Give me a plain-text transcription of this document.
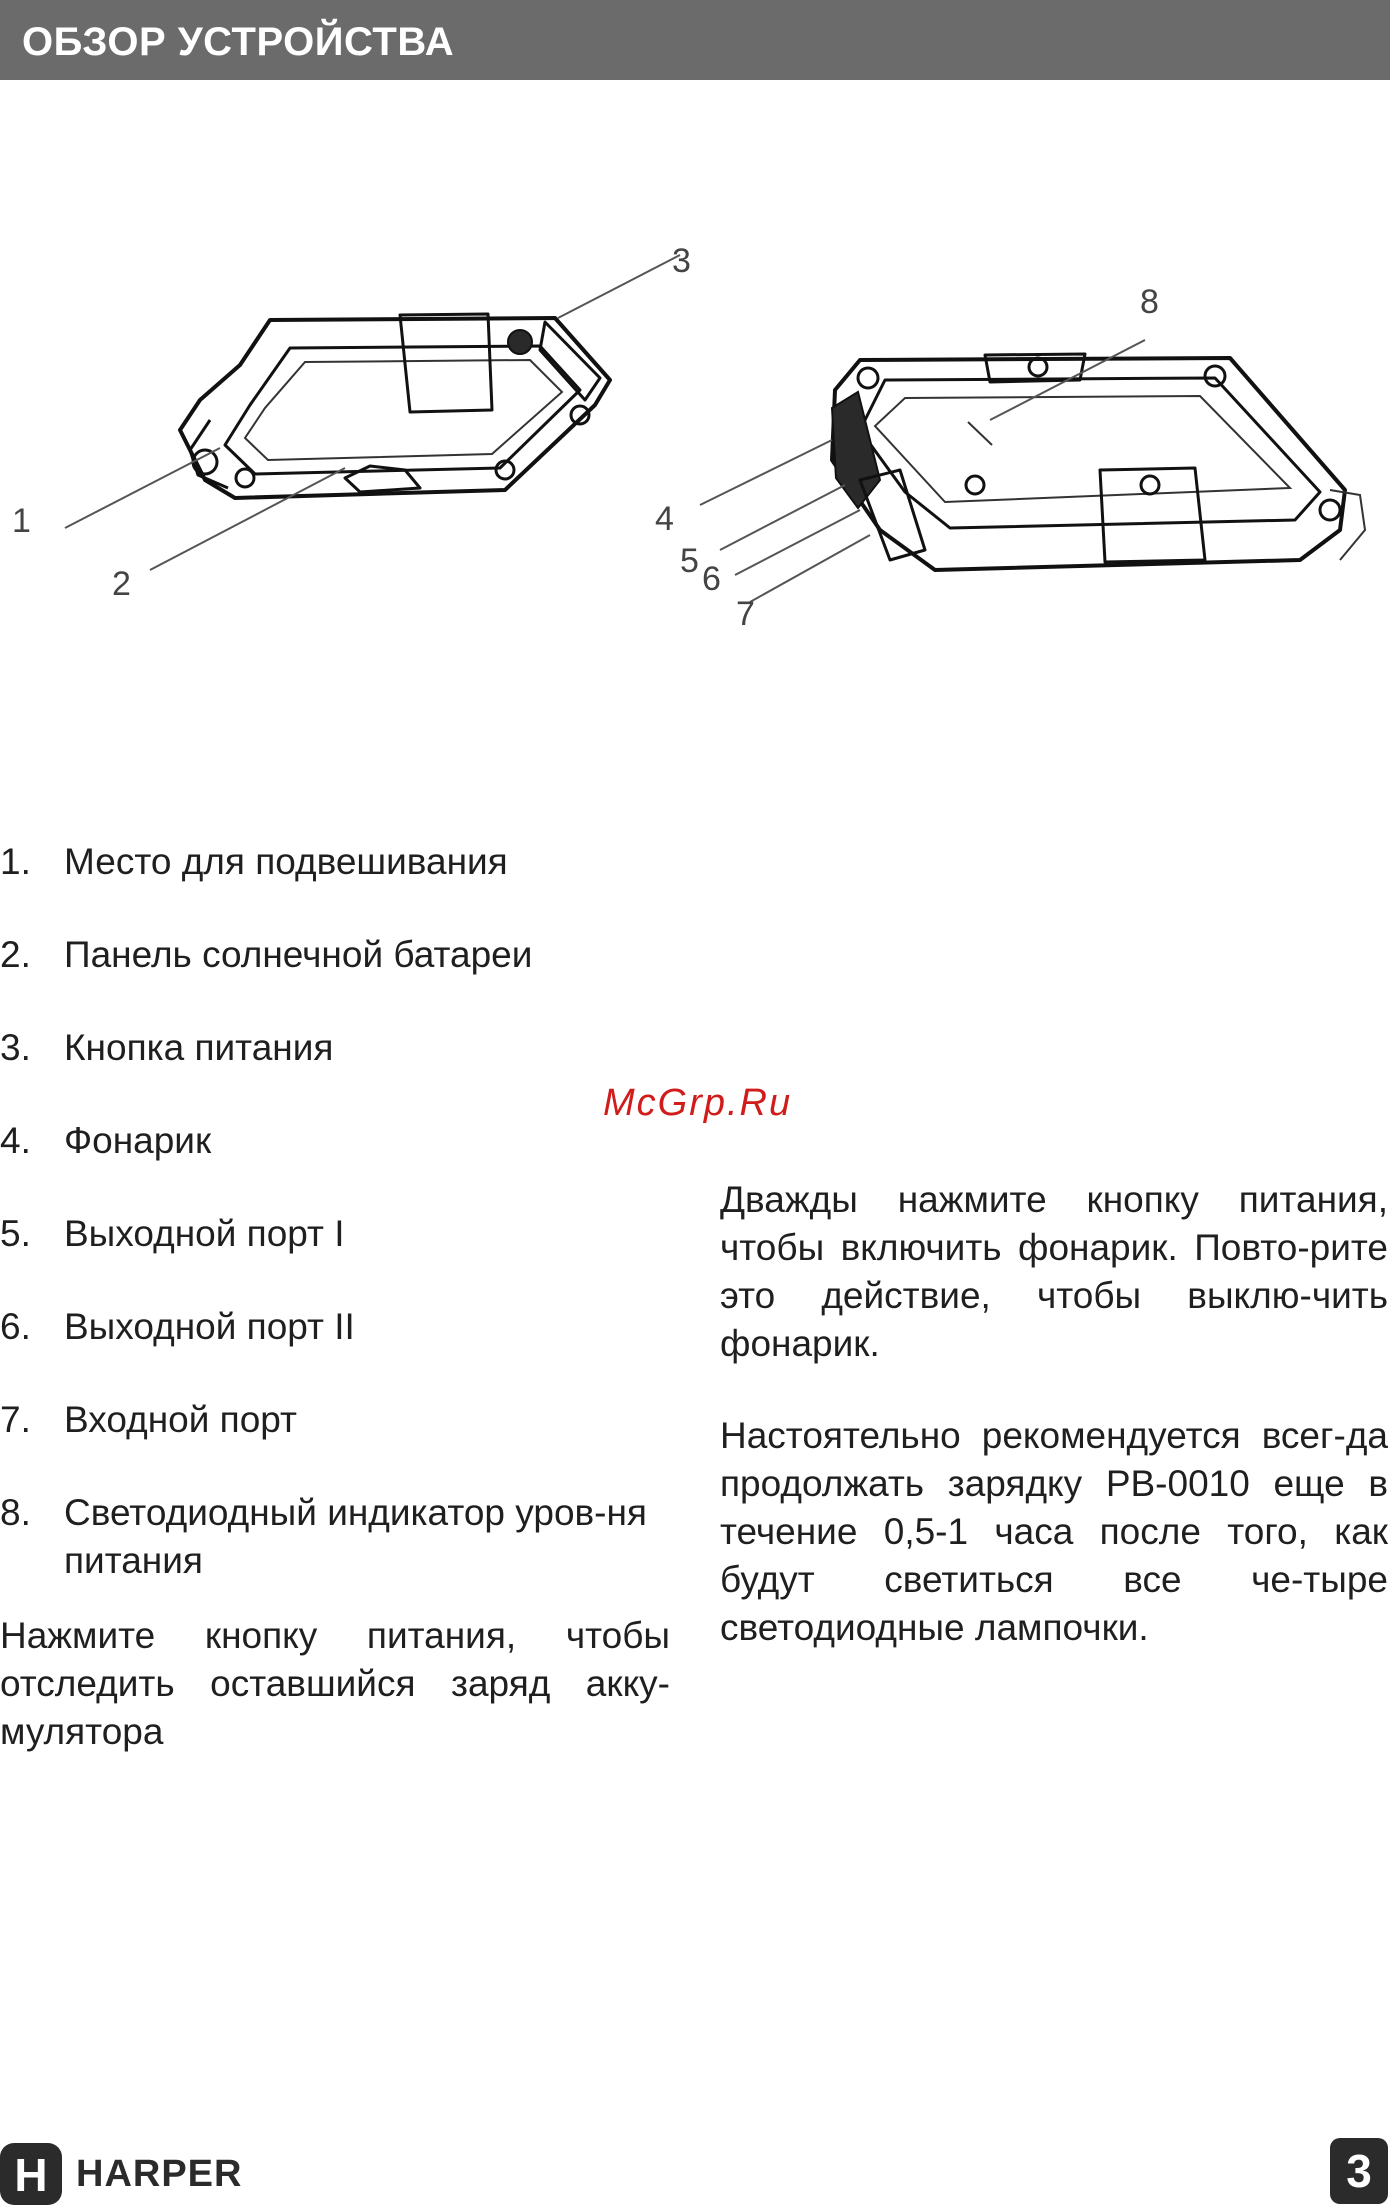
ОБЗОР УСТРОЙСТВА
1
2
3
4
5 6
7
8
1. Место для подвешивания
2. Панель солнечной батареи
3. Кнопка питания
4. Фонарик
5. Выходной порт I
6. Выходной порт II
7. Входной порт
8. Светодиодный индикатор уров-ня питания

Нажмите кнопку питания, чтобы отследить оставшийся заряд акку-мулятора

Дважды нажмите кнопку питания, чтобы включить фонарик. Повто-рите это действие, чтобы выклю-чить фонарик.

Настоятельно рекомендуется всег-да продолжать зарядку PB-0010 еще в течение 0,5-1 часа после того, как будут светиться все че-тыре светодиодные лампочки.

McGrp.Ru
H HARPER	3
